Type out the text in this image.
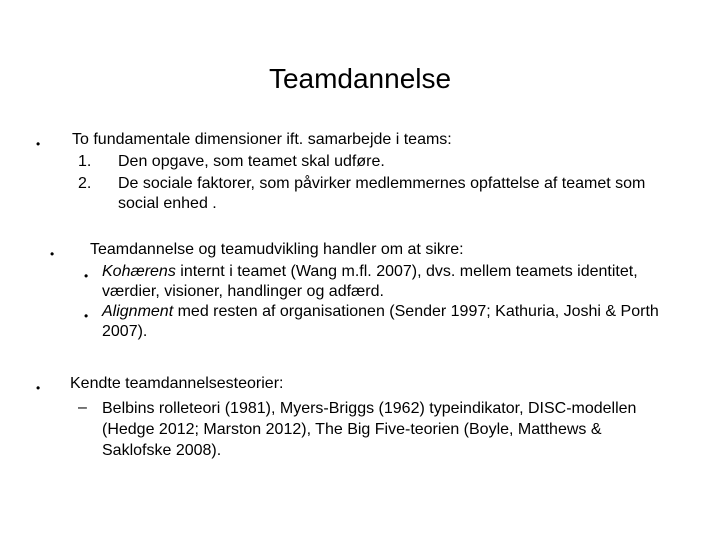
Teamdannelse
• To fundamentale dimensioner ift. samarbejde i teams:
1. Den opgave, som teamet skal udføre.
2. De sociale faktorer, som påvirker medlemmernes opfattelse af teamet som social enhed .
• Teamdannelse og teamudvikling handler om at sikre:
• Kohærens internt i teamet (Wang m.fl. 2007), dvs. mellem teamets identitet, værdier, visioner, handlinger og adfærd.
• Alignment med resten af organisationen (Sender 1997; Kathuria, Joshi & Porth 2007).
• Kendte teamdannelsesteorier:
– Belbins rolleteori (1981), Myers-Briggs (1962) typeindikator, DISC-modellen (Hedge 2012; Marston 2012), The Big Five-teorien (Boyle, Matthews & Saklofske 2008).
